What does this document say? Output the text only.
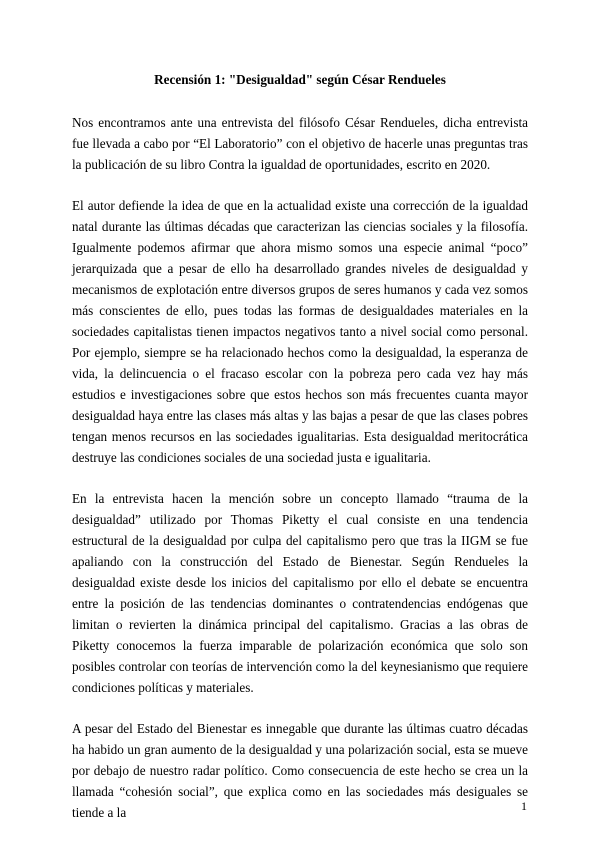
Recensión 1: "Desigualdad" según César Rendueles

Nos encontramos ante una entrevista del filósofo César Rendueles, dicha entrevista fue llevada a cabo por “El Laboratorio” con el objetivo de hacerle unas preguntas tras la publicación de su libro Contra la igualdad de oportunidades, escrito en 2020.

El autor defiende la idea de que en la actualidad existe una corrección de la igualdad natal durante las últimas décadas que caracterizan las ciencias sociales y la filosofía. Igualmente podemos afirmar que ahora mismo somos una especie animal “poco” jerarquizada que a pesar de ello ha desarrollado grandes niveles de desigualdad y mecanismos de explotación entre diversos grupos de seres humanos y cada vez somos más conscientes de ello, pues todas las formas de desigualdades materiales en la sociedades capitalistas tienen impactos negativos tanto a nivel social como personal. Por ejemplo, siempre se ha relacionado hechos como la desigualdad, la esperanza de vida, la delincuencia o el fracaso escolar con la pobreza pero cada vez hay más estudios e investigaciones sobre que estos hechos son más frecuentes cuanta mayor desigualdad haya entre las clases más altas y las bajas a pesar de que las clases pobres tengan menos recursos en las sociedades igualitarias. Esta desigualdad meritocrática destruye las condiciones sociales de una sociedad justa e igualitaria.

En la entrevista hacen la mención sobre un concepto llamado “trauma de la desigualdad” utilizado por Thomas Piketty el cual consiste en una tendencia estructural de la desigualdad por culpa del capitalismo pero que tras la IIGM se fue apaliando con la construcción del Estado de Bienestar. Según Rendueles la desigualdad existe desde los inicios del capitalismo por ello el debate se encuentra entre la posición de las tendencias dominantes o contratendencias endógenas que limitan o revierten la dinámica principal del capitalismo. Gracias a las obras de Piketty conocemos la fuerza imparable de polarización económica que solo son posibles controlar con teorías de intervención como la del keynesianismo que requiere condiciones políticas y materiales.

A pesar del Estado del Bienestar es innegable que durante las últimas cuatro décadas ha habido un gran aumento de la desigualdad y una polarización social, esta se mueve por debajo de nuestro radar político. Como consecuencia de este hecho se crea un la llamada “cohesión social”, que explica como en las sociedades más desiguales se tiende a la	1
